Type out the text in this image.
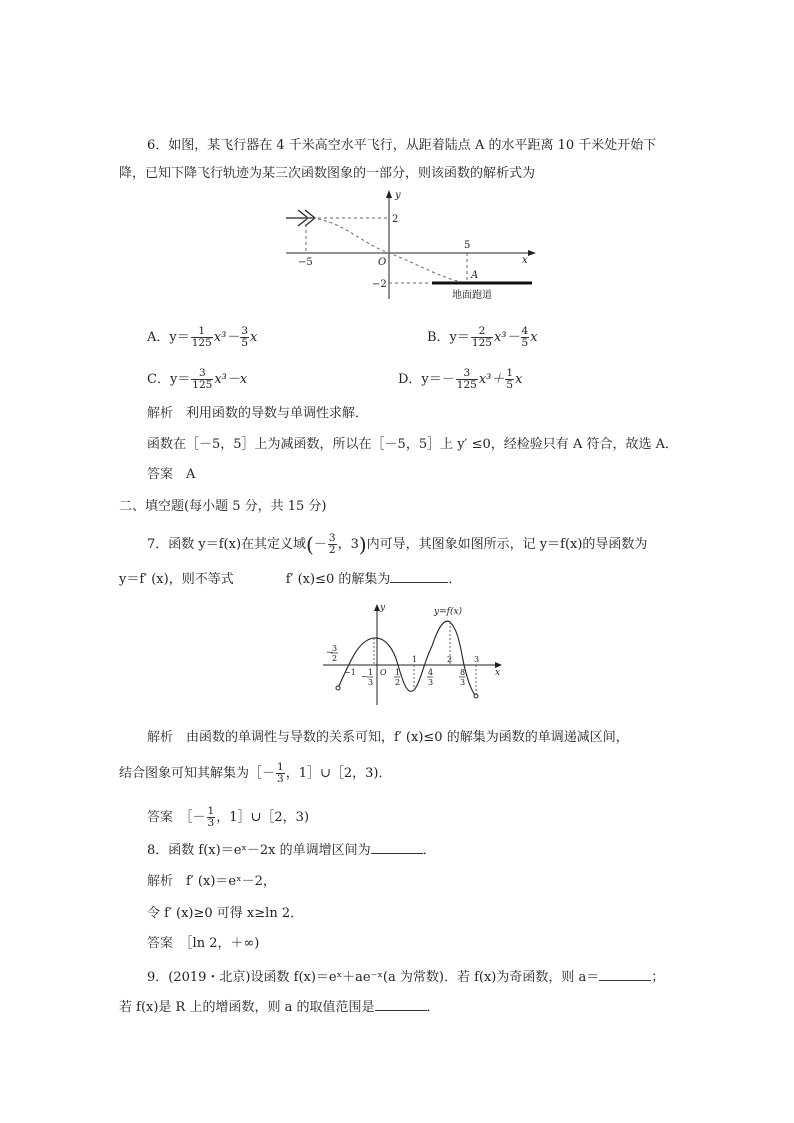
6．如图，某飞行器在 4 千米高空水平飞行，从距着陆点 A 的水平距离 10 千米处开始下
降，已知下降飞行轨迹为某三次函数图象的一部分，则该函数的解析式为
y
x
2
−2
−5
5
O
A
地面跑道
A．$y= \frac{1}{125} x^3- \frac{3}{5}$ x	B．$y= \frac{2}{125} x^3- \frac{4}{5}$ x
C．$y= \frac{3}{125} x^3-x$	D．$y=- \frac{3}{125} x^3+ \frac{1}{5}$ x
解析　 利用函数的导数与单调性求解．
函数在［－5，5］上为减函数，所以在［－5，5］上 y′ ≤0，经检验只有 A 符合，故选 A．
答案　 A
二、填空题(每小题 5 分，共 15 分)
7．函数 y＝f(x)在其定义域(－ $\frac{3}{2}$ ，3)内可导，其图象如图所示，记 y＝f(x)的导函数为
y＝f′ (x)，则不等式　　　　f′ (x)≤0 的解集为	．
y
x
y=f(x)
−
3
2
−1 − 1
3
O 1
2
1
4
3
2
8
3
3
解析　 由函数的单调性与导数的关系可知，f′ (x)≤0 的解集为函数的单调递减区间，
结合图象可知其解集为［－ $\frac{1}{3}$ ，1］∪［2，3)．
答案　 ［－ $\frac{1}{3}$ ，1］∪［2，3)
8．函数 f(x)＝eˣ－2x 的单调增区间为	．
解析　 f′ (x)＝eˣ－2，
令 f′ (x)≥0 可得 x≥ln 2．
答案　 ［ln 2，＋∞)
9．(2019・北京)设函数 f(x)＝eˣ＋ae⁻ˣ(a 为常数)．若 f(x)为奇函数，则 a＝	；
若 f(x)是 R 上的增函数，则 a 的取值范围是	．
